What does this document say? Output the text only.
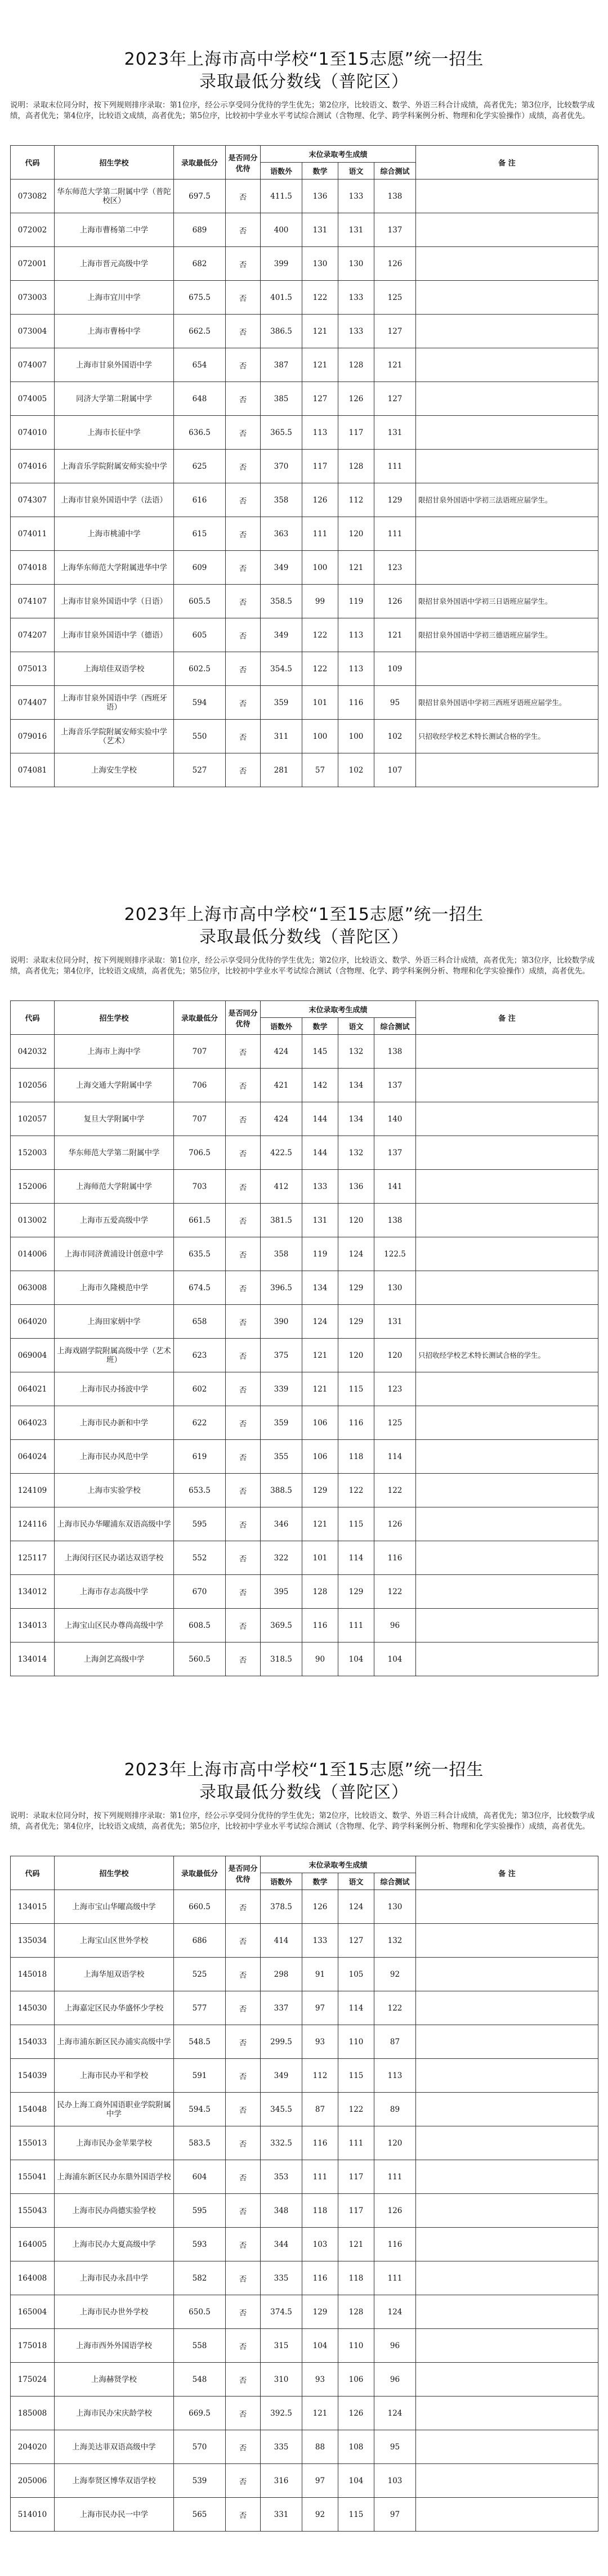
2023年上海市高中学校“1至15志愿”统一招生
录取最低分数线（普陀区）
说明：录取末位同分时，按下列规则排序录取：第1位序，经公示享受同分优待的学生优先；第2位序，比较语文、数学、外语三科合计成绩，高者优先；第3位序，比较数学成绩，高者优先；第4位序，比较语文成绩，高者优先；第5位序，比较初中学业水平考试综合测试（含物理、化学、跨学科案例分析、物理和化学实验操作）成绩，高者优先。
代码	招生学校	录取最低分	是否同分
优待	末位录取考生成绩				备 注
				语数外	数学	语文	综合测试	
073082	华东师范大学第二附属中学（普陀校区）	697.5	否	411.5	136	133	138	
072002	上海市曹杨第二中学	689	否	400	131	131	137	
072001	上海市晋元高级中学	682	否	399	130	130	126	
073003	上海市宜川中学	675.5	否	401.5	122	133	125	
073004	上海市曹杨中学	662.5	否	386.5	121	133	127	
074007	上海市甘泉外国语中学	654	否	387	121	128	121	
074005	同济大学第二附属中学	648	否	385	127	126	127	
074010	上海市长征中学	636.5	否	365.5	113	117	131	
074016	上海音乐学院附属安师实验中学	625	否	370	117	128	111	
074307	上海市甘泉外国语中学（法语）	616	否	358	126	112	129	限招甘泉外国语中学初三法语班应届学生。
074011	上海市桃浦中学	615	否	363	111	120	111	
074018	上海华东师范大学附属进华中学	609	否	349	100	121	123	
074107	上海市甘泉外国语中学（日语）	605.5	否	358.5	99	119	126	限招甘泉外国语中学初三日语班应届学生。
074207	上海市甘泉外国语中学（德语）	605	否	349	122	113	121	限招甘泉外国语中学初三德语班应届学生。
075013	上海培佳双语学校	602.5	否	354.5	122	113	109	
074407	上海市甘泉外国语中学（西班牙语）	594	否	359	101	116	95	限招甘泉外国语中学初三西班牙语班应届学生。
079016	上海音乐学院附属安师实验中学（艺术）	550	否	311	100	100	102	只招收经学校艺术特长测试合格的学生。
074081	上海安生学校	527	否	281	57	102	107	
2023年上海市高中学校“1至15志愿”统一招生
录取最低分数线（普陀区）
说明：录取末位同分时，按下列规则排序录取：第1位序，经公示享受同分优待的学生优先；第2位序，比较语文、数学、外语三科合计成绩，高者优先；第3位序，比较数学成绩，高者优先；第4位序，比较语文成绩，高者优先；第5位序，比较初中学业水平考试综合测试（含物理、化学、跨学科案例分析、物理和化学实验操作）成绩，高者优先。
代码	招生学校	录取最低分	是否同分
优待	末位录取考生成绩				备 注
				语数外	数学	语文	综合测试	
042032	上海市上海中学	707	否	424	145	132	138	
102056	上海交通大学附属中学	706	否	421	142	134	137	
102057	复旦大学附属中学	707	否	424	144	134	140	
152003	华东师范大学第二附属中学	706.5	否	422.5	144	132	137	
152006	上海师范大学附属中学	703	否	412	133	136	141	
013002	上海市五爱高级中学	661.5	否	381.5	131	120	138	
014006	上海市同济黄浦设计创意中学	635.5	否	358	119	124	122.5	
063008	上海市久隆模范中学	674.5	否	396.5	134	129	130	
064020	上海田家炳中学	658	否	390	124	129	131	
069004	上海戏剧学院附属高级中学（艺术班）	623	否	375	121	120	120	只招收经学校艺术特长测试合格的学生。
064021	上海市民办扬波中学	602	否	339	121	115	123	
064023	上海市民办新和中学	622	否	359	106	116	125	
064024	上海市民办风范中学	619	否	355	106	118	114	
124109	上海市实验学校	653.5	否	388.5	129	122	122	
124116	上海市民办华曜浦东双语高级中学	595	否	346	121	115	126	
125117	上海闵行区民办诺达双语学校	552	否	322	101	114	116	
134012	上海市存志高级中学	670	否	395	128	129	122	
134013	上海宝山区民办尊尚高级中学	608.5	否	369.5	116	111	96	
134014	上海剑艺高级中学	560.5	否	318.5	90	104	104	
2023年上海市高中学校“1至15志愿”统一招生
录取最低分数线（普陀区）
说明：录取末位同分时，按下列规则排序录取：第1位序，经公示享受同分优待的学生优先；第2位序，比较语文、数学、外语三科合计成绩，高者优先；第3位序，比较数学成绩，高者优先；第4位序，比较语文成绩，高者优先；第5位序，比较初中学业水平考试综合测试（含物理、化学、跨学科案例分析、物理和化学实验操作）成绩，高者优先。
代码	招生学校	录取最低分	是否同分
优待	末位录取考生成绩				备 注
				语数外	数学	语文	综合测试	
134015	上海市宝山华曜高级中学	660.5	否	378.5	126	124	130	
135034	上海宝山区世外学校	686	否	414	133	127	132	
145018	上海华旭双语学校	525	否	298	91	105	92	
145030	上海嘉定区民办华盛怀少学校	577	否	337	97	114	122	
154033	上海市浦东新区民办浦实高级中学	548.5	否	299.5	93	110	87	
154039	上海市民办平和学校	591	否	349	112	115	113	
154048	民办上海工商外国语职业学院附属中学	594.5	否	345.5	87	122	89	
155013	上海市民办金苹果学校	583.5	否	332.5	116	111	120	
155041	上海浦东新区民办东鼎外国语学校	604	否	353	111	117	111	
155043	上海市民办尚德实验学校	595	否	348	118	117	126	
164005	上海市民办大夏高级中学	593	否	344	103	121	116	
164008	上海市民办永昌中学	582	否	335	116	118	111	
165004	上海市民办世外学校	650.5	否	374.5	129	128	124	
175018	上海市西外外国语学校	558	否	315	104	110	96	
175024	上海赫贤学校	548	否	310	93	106	96	
185008	上海市民办宋庆龄学校	669.5	否	392.5	121	126	124	
204020	上海美达菲双语高级中学	570	否	335	88	108	95	
205006	上海奉贤区博华双语学校	539	否	316	97	104	103	
514010	上海市民办民一中学	565	否	331	92	115	97	
